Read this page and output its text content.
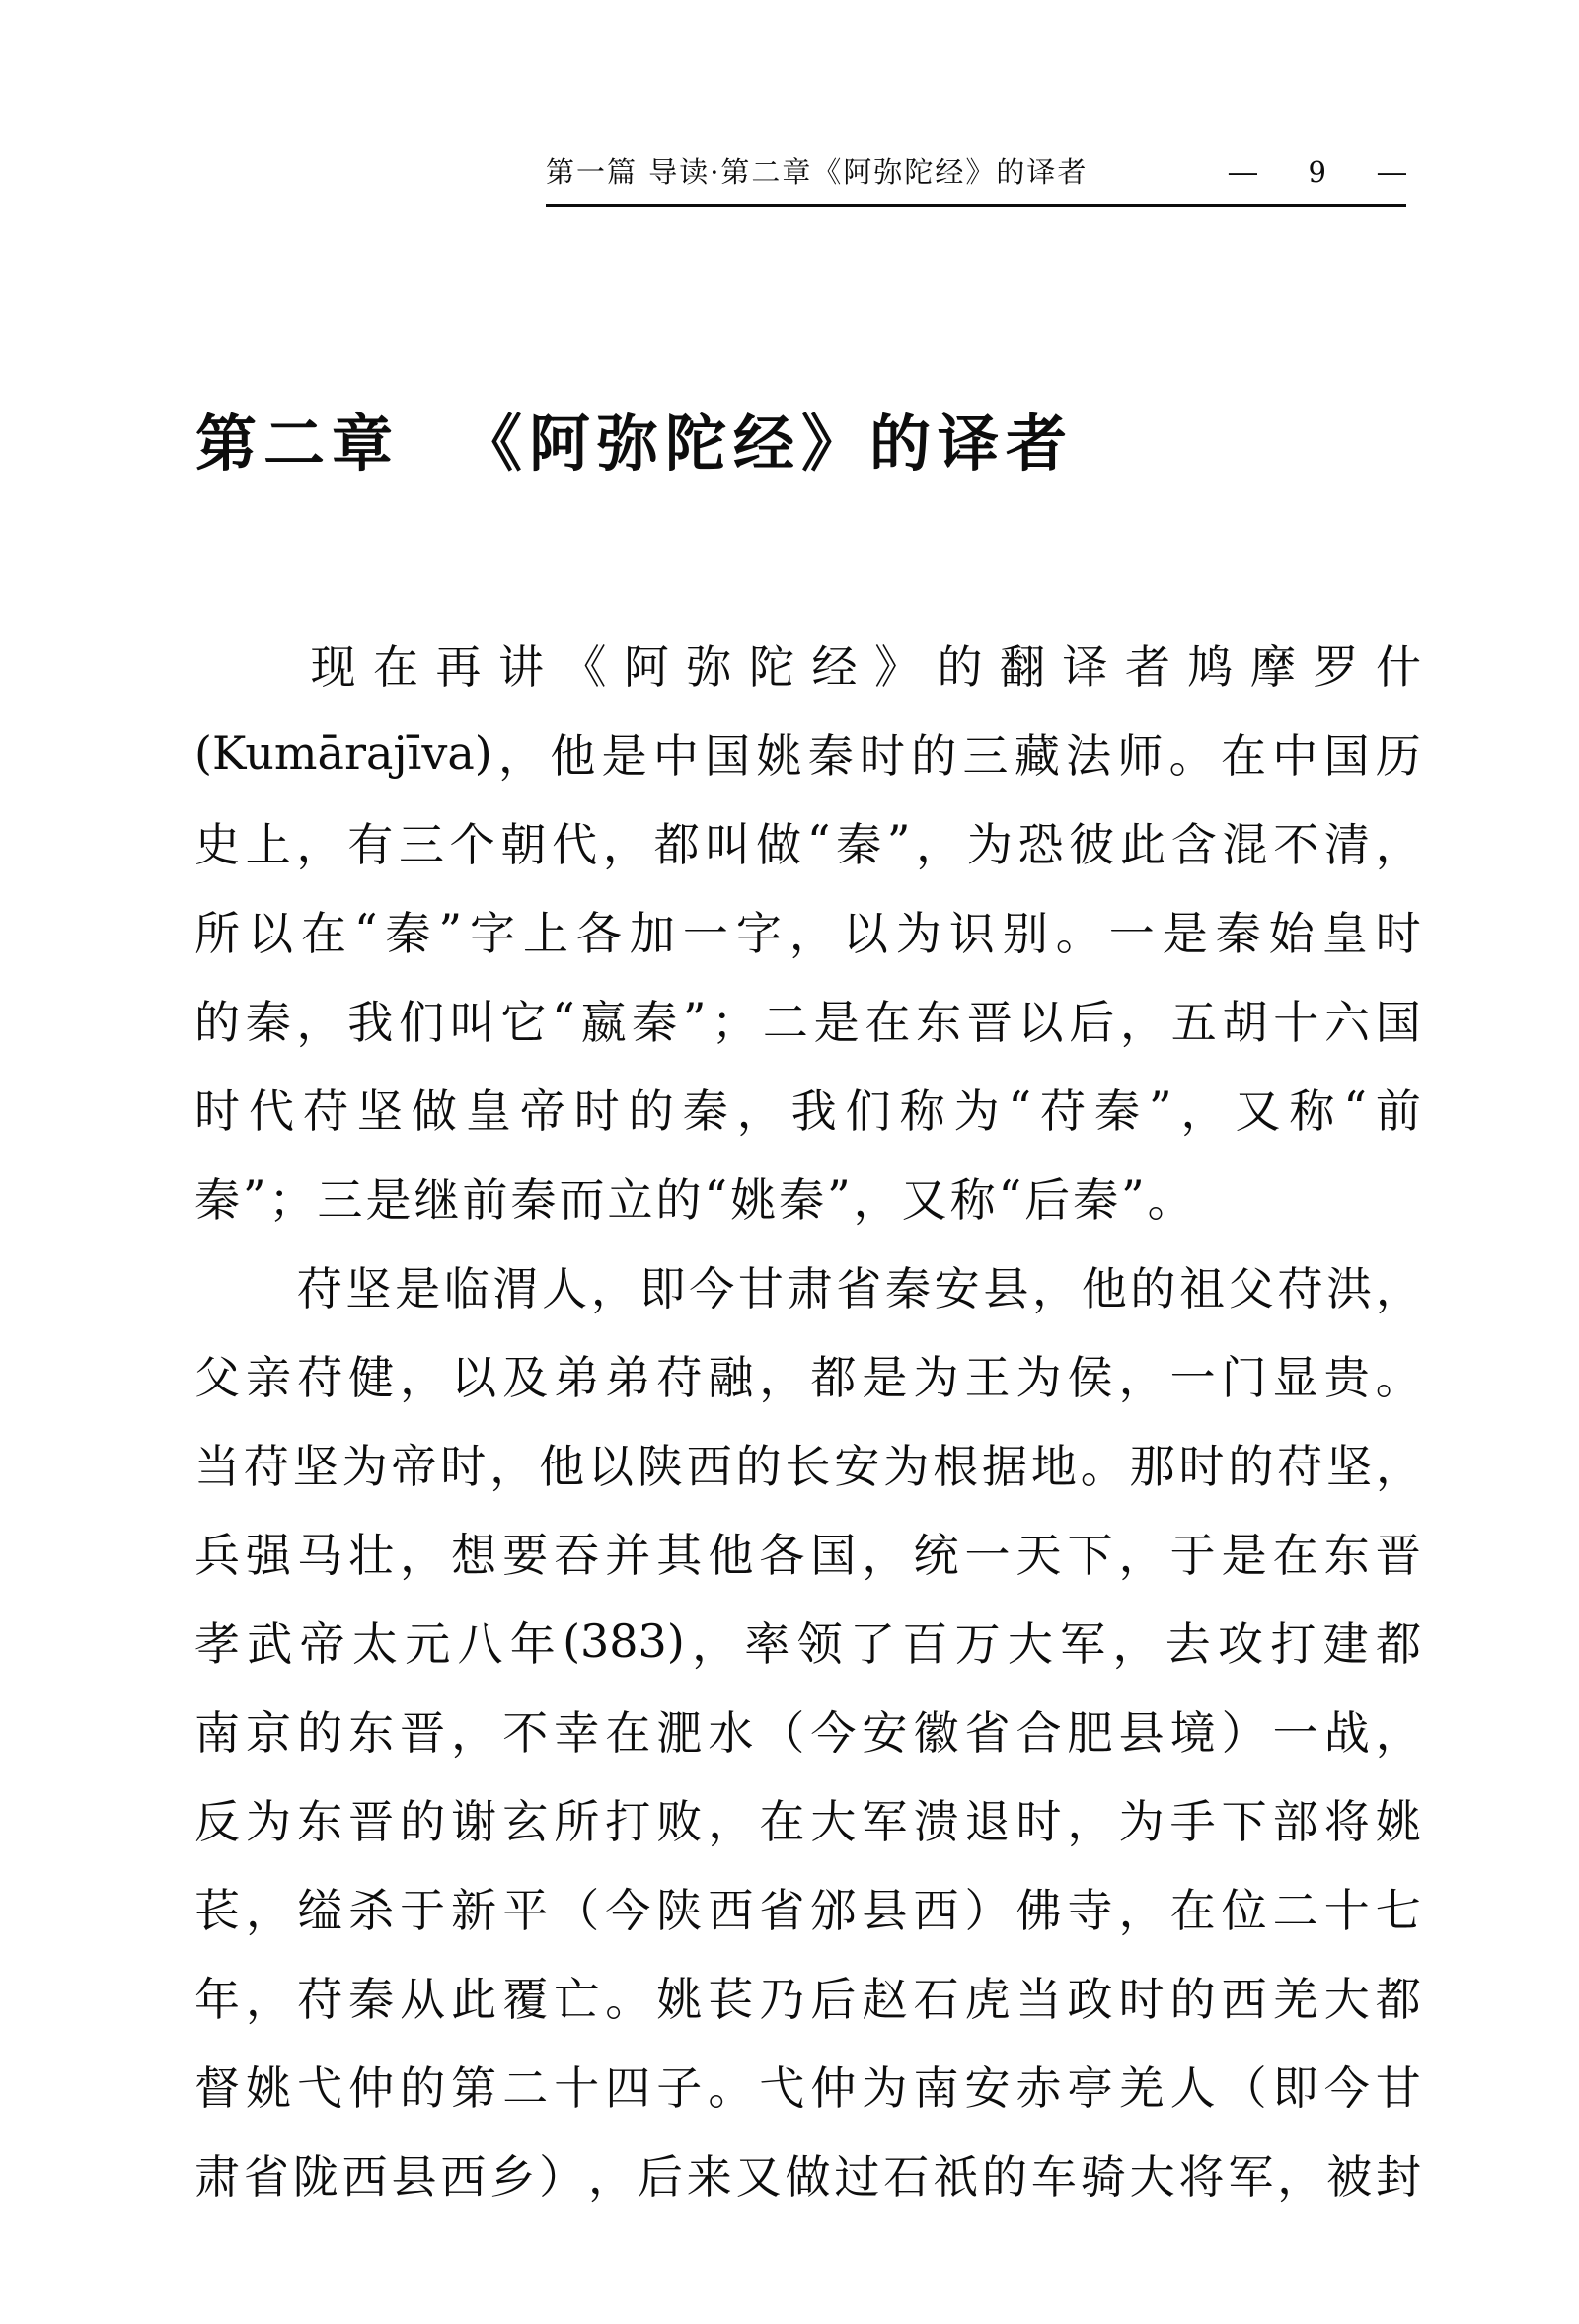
第一篇 导读·第二章《阿弥陀经》的译者	— 9 —
第二章 《阿弥陀经》的译者
现 在 再 讲 《 阿 弥 陀 经 》 的 翻 译 者 鸠 摩 罗 什
(Kumārajīva) ， 他 是 中 国 姚 秦 时 的 三 藏 法 师 。 在 中 国 历
史 上 ， 有 三 个 朝 代 ， 都 叫 做 “ 秦 ” ， 为 恐 彼 此 含 混 不 清 ，
所 以 在 “ 秦 ” 字 上 各 加 一 字 ， 以 为 识 别 。 一 是 秦 始 皇 时
的 秦 ， 我 们 叫 它 “ 嬴 秦 ” ； 二 是 在 东 晋 以 后 ， 五 胡 十 六 国
时 代 苻 坚 做 皇 帝 时 的 秦 ， 我 们 称 为 “ 苻 秦 ” ， 又 称 “ 前
秦 ” ； 三 是 继 前 秦 而 立 的 “ 姚 秦 ” ， 又 称 “ 后 秦 ” 。
苻 坚 是 临 渭 人 ， 即 今 甘 肃 省 秦 安 县 ， 他 的 祖 父 苻 洪 ，
父 亲 苻 健 ， 以 及 弟 弟 苻 融 ， 都 是 为 王 为 侯 ， 一 门 显 贵 。
当 苻 坚 为 帝 时 ， 他 以 陕 西 的 长 安 为 根 据 地 。 那 时 的 苻 坚 ，
兵 强 马 壮 ， 想 要 吞 并 其 他 各 国 ， 统 一 天 下 ， 于 是 在 东 晋
孝 武 帝 太 元 八 年 (383) ， 率 领 了 百 万 大 军 ， 去 攻 打 建 都
南 京 的 东 晋 ， 不 幸 在 淝 水 （ 今 安 徽 省 合 肥 县 境 ） 一 战 ，
反 为 东 晋 的 谢 玄 所 打 败 ， 在 大 军 溃 退 时 ， 为 手 下 部 将 姚
苌 ， 缢 杀 于 新 平 （ 今 陕 西 省 邠 县 西 ） 佛 寺 ， 在 位 二 十 七
年 ， 苻 秦 从 此 覆 亡 。 姚 苌 乃 后 赵 石 虎 当 政 时 的 西 羌 大 都
督 姚 弋 仲 的 第 二 十 四 子 。 弋 仲 为 南 安 赤 亭 羌 人 （ 即 今 甘
肃 省 陇 西 县 西 乡 ） ， 后 来 又 做 过 石 祇 的 车 骑 大 将 军 ， 被 封
